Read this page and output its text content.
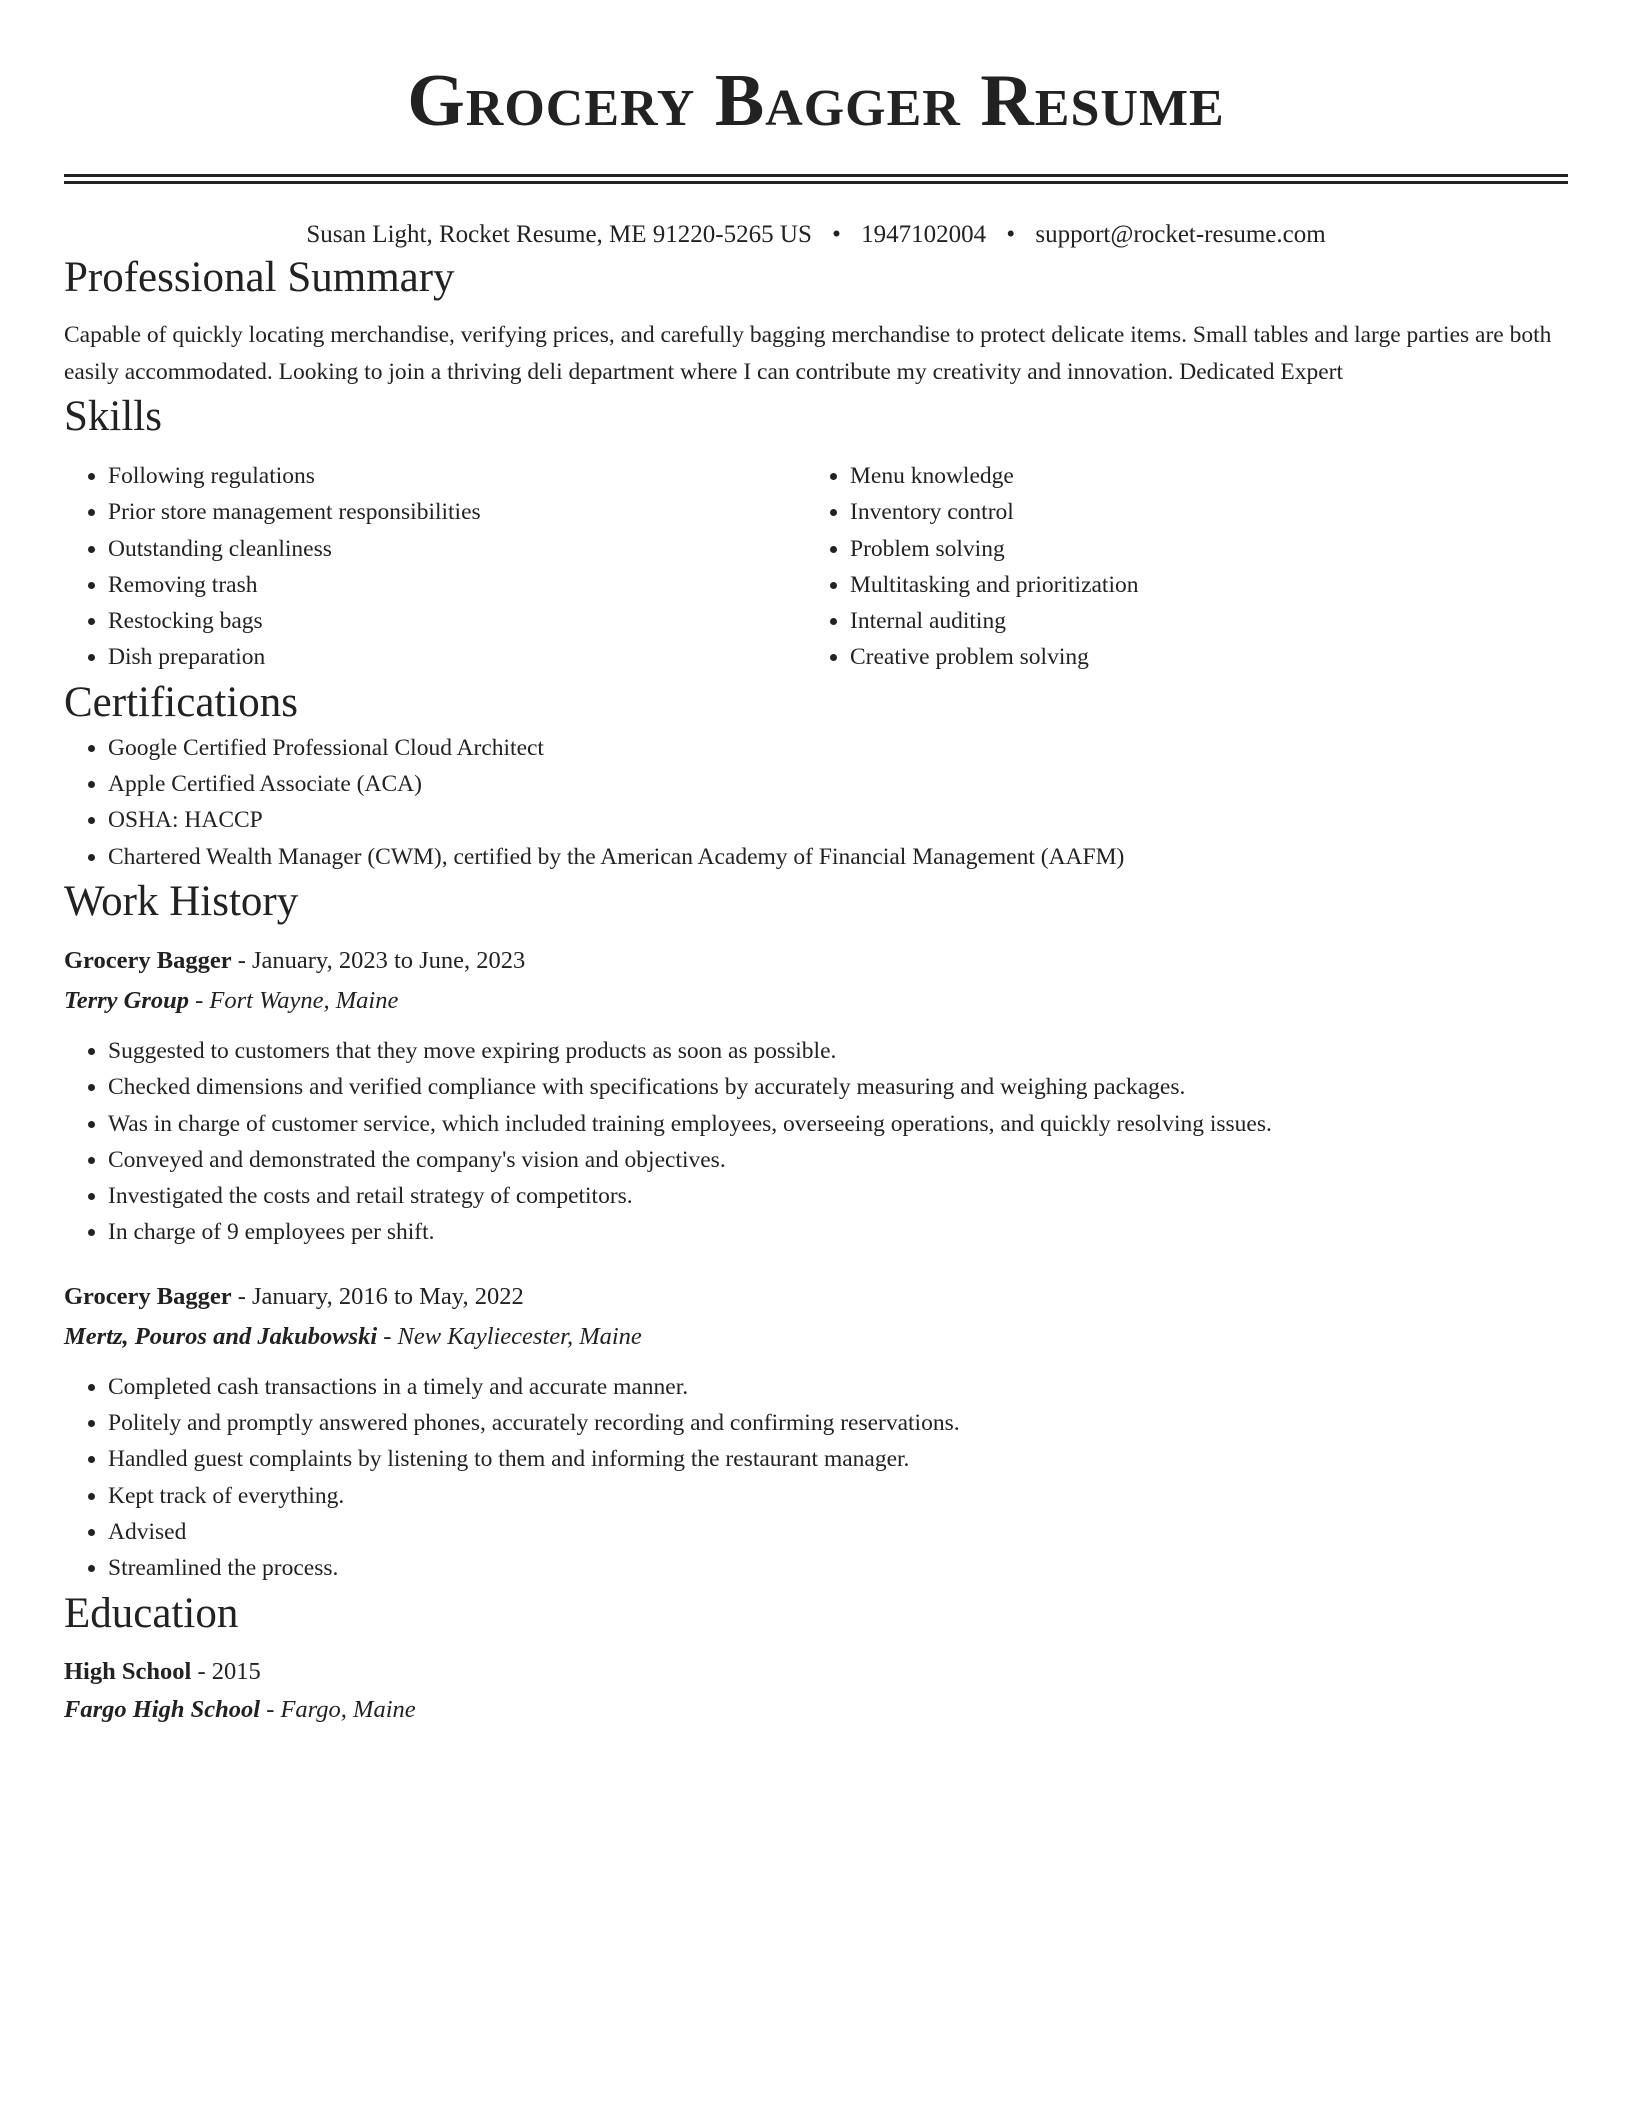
Grocery Bagger Resume
Susan Light, Rocket Resume, ME 91220-5265 US • 1947102004 • support@rocket-resume.com
Professional Summary
Capable of quickly locating merchandise, verifying prices, and carefully bagging merchandise to protect delicate items. Small tables and large parties are both easily accommodated. Looking to join a thriving deli department where I can contribute my creativity and innovation. Dedicated Expert
Skills
• Following regulations
• Prior store management responsibilities
• Outstanding cleanliness
• Removing trash
• Restocking bags
• Dish preparation
• Menu knowledge
• Inventory control
• Problem solving
• Multitasking and prioritization
• Internal auditing
• Creative problem solving
Certifications
• Google Certified Professional Cloud Architect
• Apple Certified Associate (ACA)
• OSHA: HACCP
• Chartered Wealth Manager (CWM), certified by the American Academy of Financial Management (AAFM)
Work History
Grocery Bagger - January, 2023 to June, 2023
Terry Group - Fort Wayne, Maine
• Suggested to customers that they move expiring products as soon as possible.
• Checked dimensions and verified compliance with specifications by accurately measuring and weighing packages.
• Was in charge of customer service, which included training employees, overseeing operations, and quickly resolving issues.
• Conveyed and demonstrated the company's vision and objectives.
• Investigated the costs and retail strategy of competitors.
• In charge of 9 employees per shift.
Grocery Bagger - January, 2016 to May, 2022
Mertz, Pouros and Jakubowski - New Kayliecester, Maine
• Completed cash transactions in a timely and accurate manner.
• Politely and promptly answered phones, accurately recording and confirming reservations.
• Handled guest complaints by listening to them and informing the restaurant manager.
• Kept track of everything.
• Advised
• Streamlined the process.
Education
High School - 2015
Fargo High School - Fargo, Maine
